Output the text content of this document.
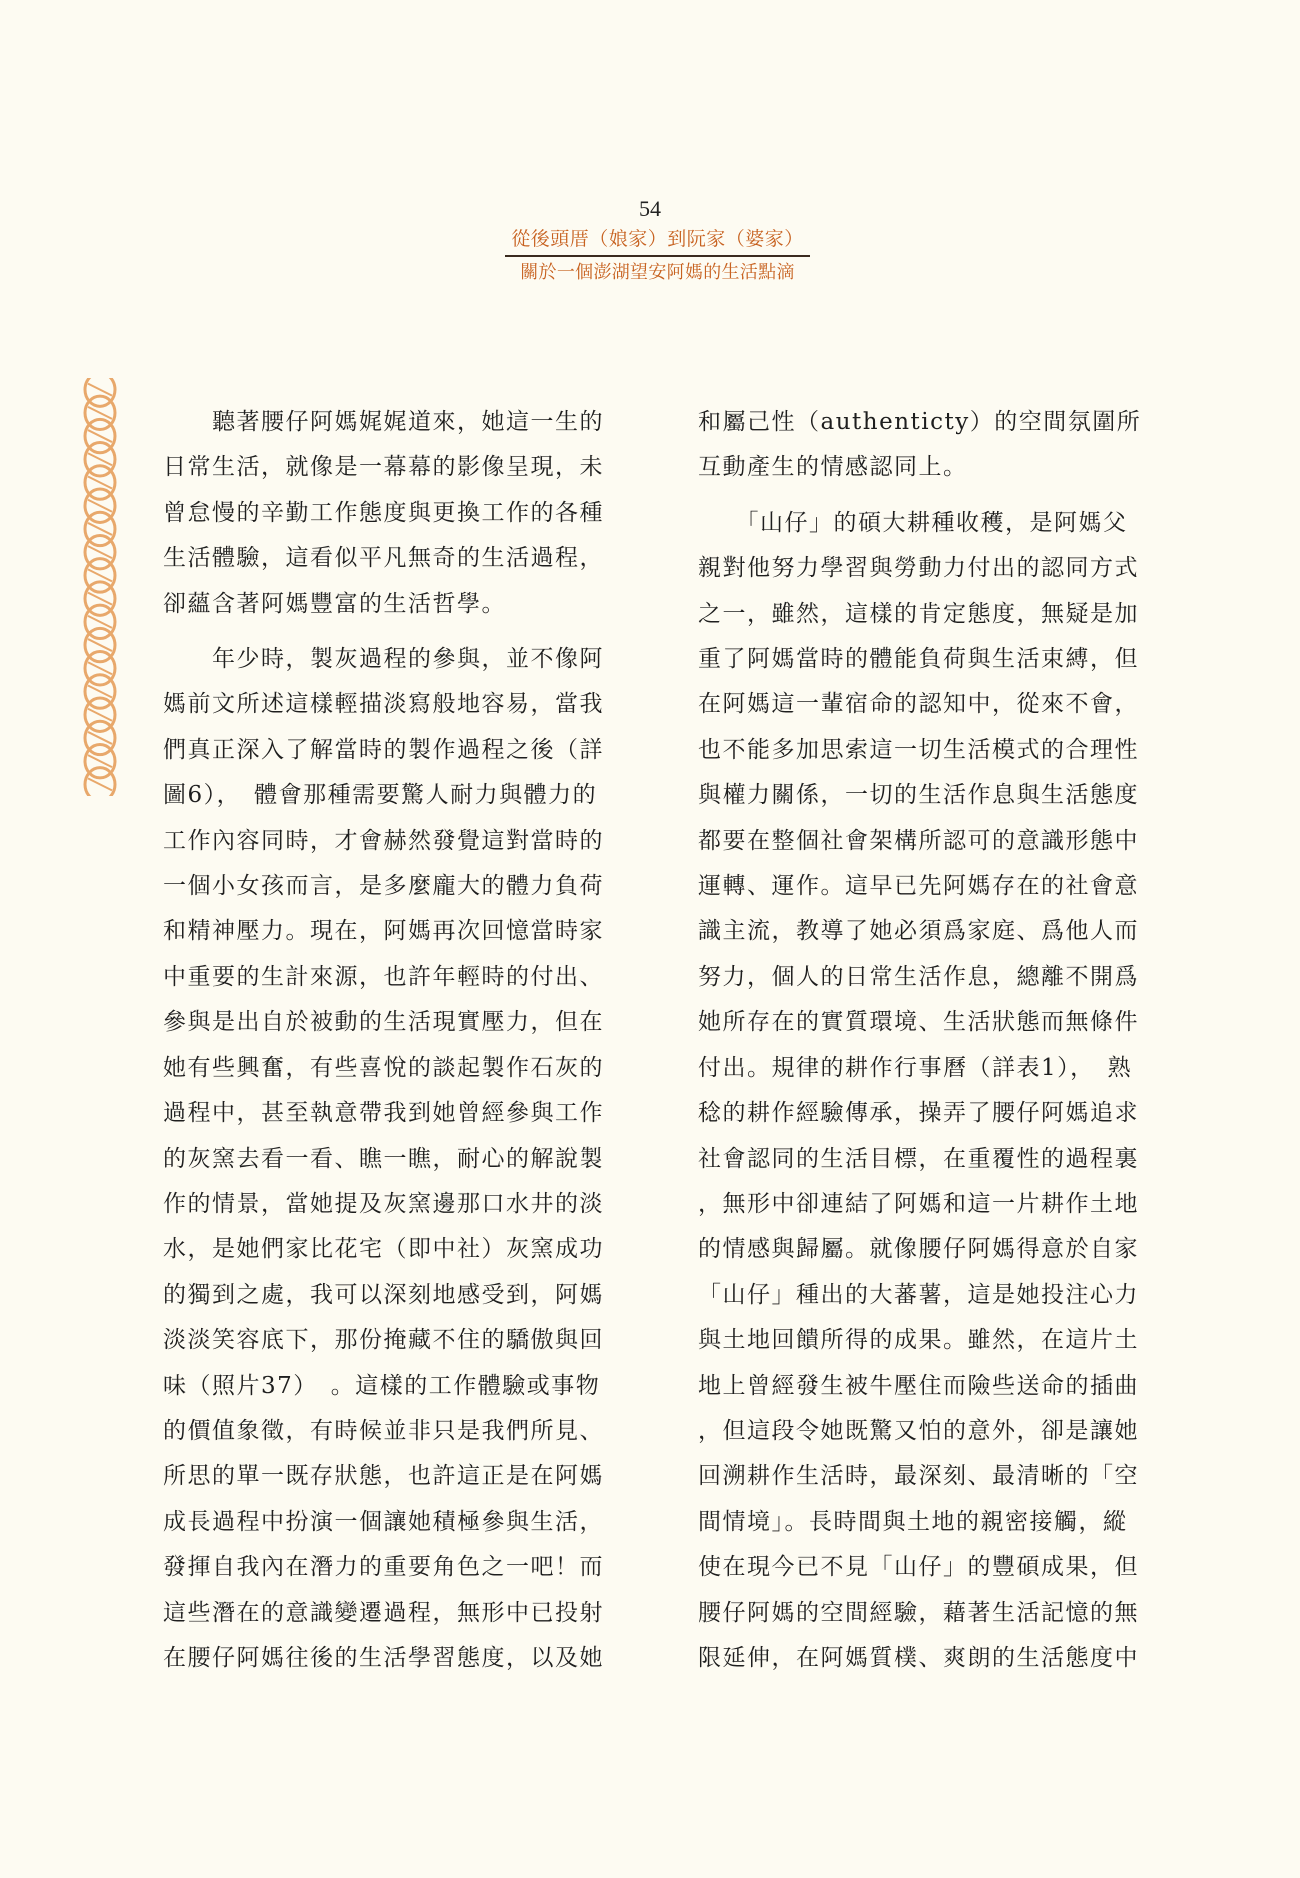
54
從後頭厝（娘家）到阮家（婆家）
關於一個澎湖望安阿媽的生活點滴

　　聽著腰仔阿媽娓娓道來，她這一生的

日常生活，就像是一幕幕的影像呈現，未

曾怠慢的辛勤工作態度與更換工作的各種

生活體驗，這看似平凡無奇的生活過程，

卻蘊含著阿媽豐富的生活哲學。

　　年少時，製灰過程的參與，並不像阿

媽前文所述這樣輕描淡寫般地容易，當我

們真正深入了解當時的製作過程之後（詳

圖6），　體會那種需要驚人耐力與體力的

工作內容同時，才會赫然發覺這對當時的

一個小女孩而言，是多麼龐大的體力負荷

和精神壓力。現在，阿媽再次回憶當時家

中重要的生計來源，也許年輕時的付出、

參與是出自於被動的生活現實壓力，但在

她有些興奮，有些喜悅的談起製作石灰的

過程中，甚至執意帶我到她曾經參與工作

的灰窯去看一看、瞧一瞧，耐心的解說製

作的情景，當她提及灰窯邊那口水井的淡

水，是她們家比花宅（即中社）灰窯成功

的獨到之處，我可以深刻地感受到，阿媽

淡淡笑容底下，那份掩藏不住的驕傲與回

味（照片37）　。這樣的工作體驗或事物

的價值象徵，有時候並非只是我們所見、

所思的單一既存狀態，也許這正是在阿媽

成長過程中扮演一個讓她積極參與生活，

發揮自我內在潛力的重要角色之一吧！而

這些潛在的意識變遷過程，無形中已投射

在腰仔阿媽往後的生活學習態度，以及她

和屬己性（authenticty）的空間氛圍所

互動產生的情感認同上。

　　「山仔」的碩大耕種收穫，是阿媽父

親對他努力學習與勞動力付出的認同方式

之一，雖然，這樣的肯定態度，無疑是加

重了阿媽當時的體能負荷與生活束縛，但

在阿媽這一輩宿命的認知中，從來不會，

也不能多加思索這一切生活模式的合理性

與權力關係，一切的生活作息與生活態度

都要在整個社會架構所認可的意識形態中

運轉、運作。這早已先阿媽存在的社會意

識主流，教導了她必須爲家庭、爲他人而

努力，個人的日常生活作息，總離不開爲

她所存在的實質環境、生活狀態而無條件

付出。規律的耕作行事曆（詳表1），　熟

稔的耕作經驗傳承，操弄了腰仔阿媽追求

社會認同的生活目標，在重覆性的過程裏

，無形中卻連結了阿媽和這一片耕作土地

的情感與歸屬。就像腰仔阿媽得意於自家

「山仔」種出的大蕃薯，這是她投注心力

與土地回饋所得的成果。雖然，在這片土

地上曾經發生被牛壓住而險些送命的插曲

，但這段令她既驚又怕的意外，卻是讓她

回溯耕作生活時，最深刻、最清晰的「空

間情境」。長時間與土地的親密接觸，縱

使在現今已不見「山仔」的豐碩成果，但

腰仔阿媽的空間經驗，藉著生活記憶的無

限延伸，在阿媽質樸、爽朗的生活態度中
